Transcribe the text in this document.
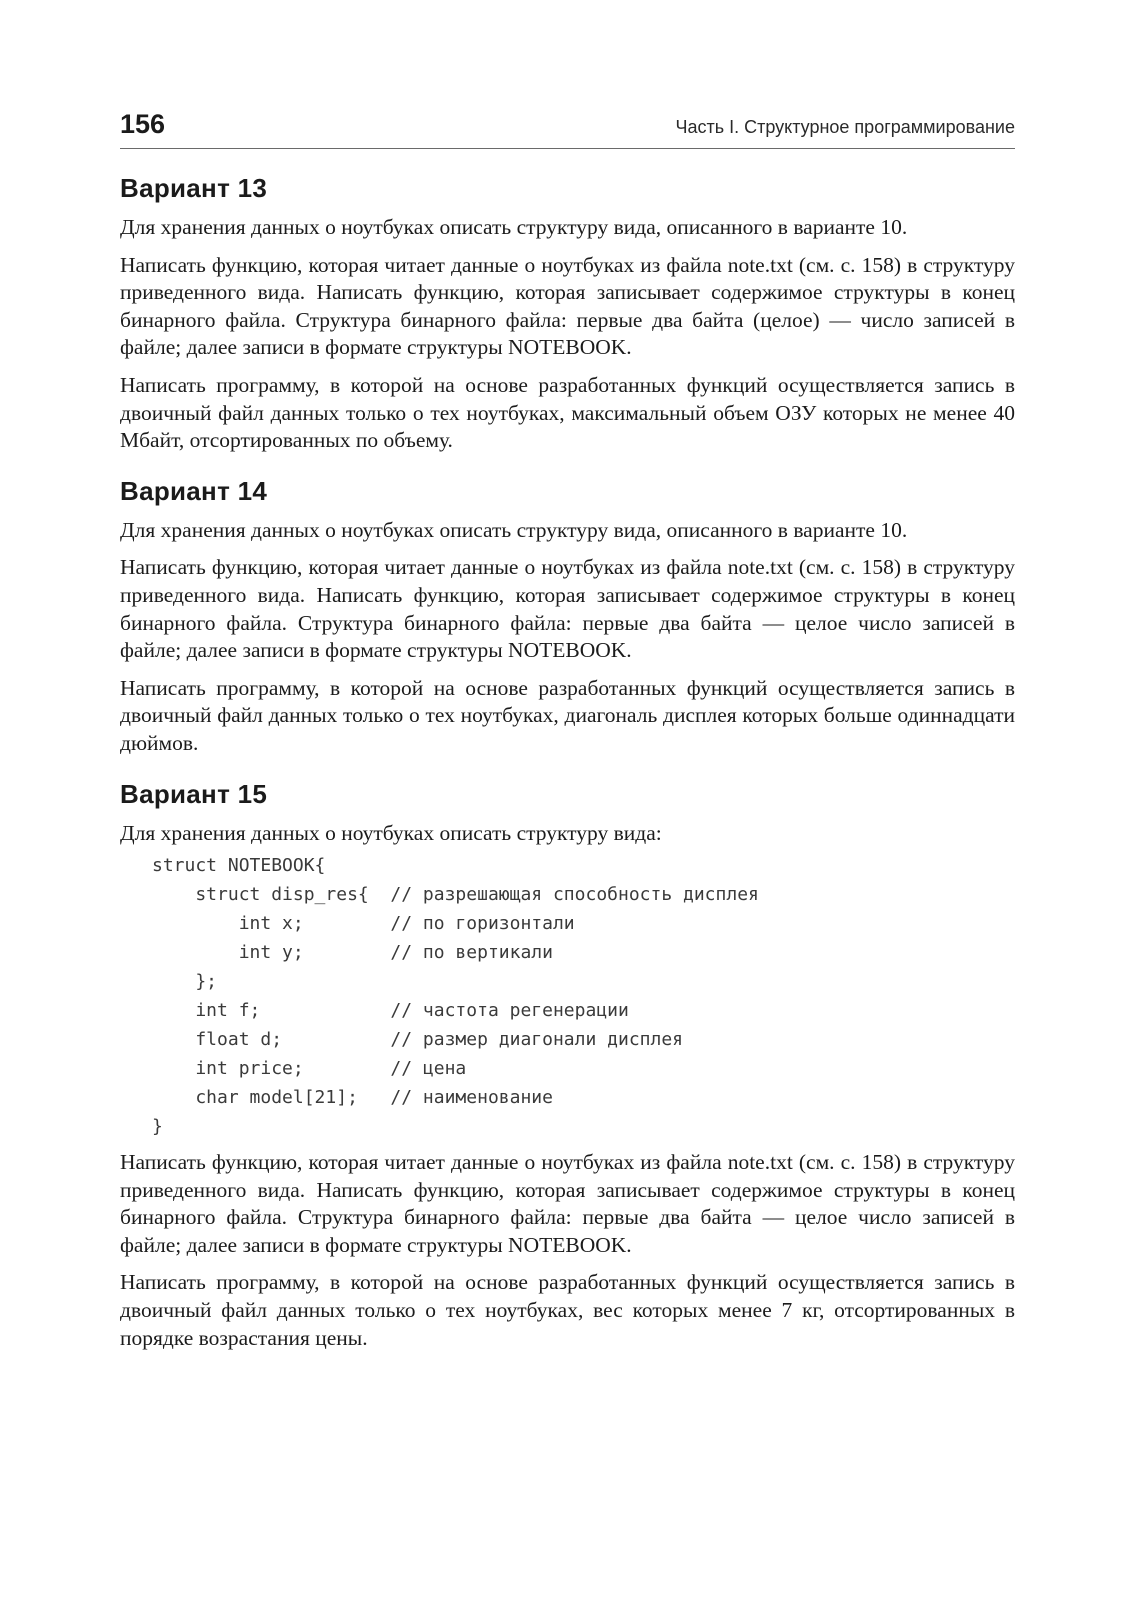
156	Часть I. Структурное программирование
Вариант 13

Для хранения данных о ноутбуках описать структуру вида, описанного в варианте 10.

Написать функцию, которая читает данные о ноутбуках из файла note.txt (см. с. 158) в структуру приведенного вида. Написать функцию, которая записывает содержимое структуры в конец бинарного файла. Структура бинарного файла: первые два байта (целое) — число записей в файле; далее записи в формате структуры NOTEBOOK.

Написать программу, в которой на основе разработанных функций осуществляется запись в двоичный файл данных только о тех ноутбуках, максимальный объем ОЗУ которых не менее 40 Мбайт, отсортированных по объему.

Вариант 14

Для хранения данных о ноутбуках описать структуру вида, описанного в варианте 10.

Написать функцию, которая читает данные о ноутбуках из файла note.txt (см. с. 158) в структуру приведенного вида. Написать функцию, которая записывает содержимое структуры в конец бинарного файла. Структура бинарного файла: первые два байта — целое число записей в файле; далее записи в формате структуры NOTEBOOK.

Написать программу, в которой на основе разработанных функций осуществляется запись в двоичный файл данных только о тех ноутбуках, диагональ дисплея которых больше одиннадцати дюймов.

Вариант 15

Для хранения данных о ноутбуках описать структуру вида:

struct NOTEBOOK{
struct disp_res{  // разрешающая способность дисплея
int x;        // по горизонтали
int y;        // по вертикали
};
int f;            // частота регенерации
float d;          // размер диагонали дисплея
int price;        // цена
char model[21];   // наименование
}

Написать функцию, которая читает данные о ноутбуках из файла note.txt (см. с. 158) в структуру приведенного вида. Написать функцию, которая записывает содержимое структуры в конец бинарного файла. Структура бинарного файла: первые два байта — целое число записей в файле; далее записи в формате структуры NOTEBOOK.

Написать программу, в которой на основе разработанных функций осуществляется запись в двоичный файл данных только о тех ноутбуках, вес которых менее 7 кг, отсортированных в порядке возрастания цены.
